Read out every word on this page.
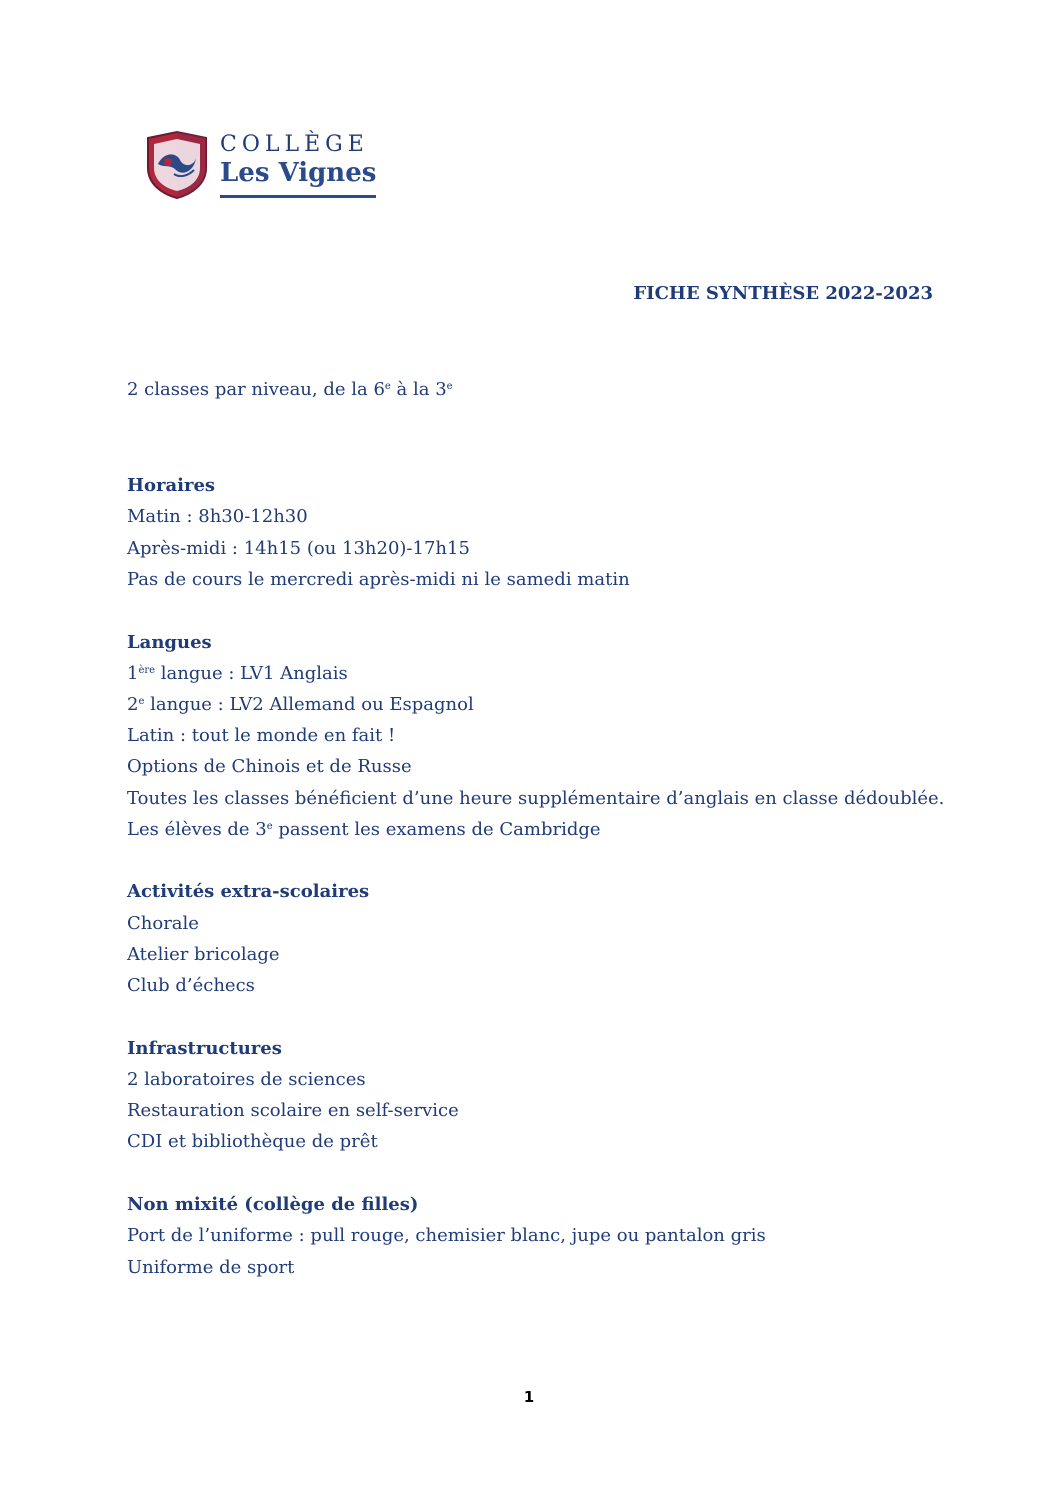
COLLÈGE
Les Vignes
FICHE SYNTHÈSE 2022-2023
2 classes par niveau, de la 6e à la 3e
Horaires
Matin : 8h30-12h30
Après-midi : 14h15 (ou 13h20)-17h15
Pas de cours le mercredi après-midi ni le samedi matin
Langues
1ère langue : LV1 Anglais
2e langue : LV2 Allemand ou Espagnol
Latin : tout le monde en fait !
Options de Chinois et de Russe
Toutes les classes bénéficient d’une heure supplémentaire d’anglais en classe dédoublée.
Les élèves de 3e passent les examens de Cambridge
Activités extra-scolaires
Chorale
Atelier bricolage
Club d’échecs
Infrastructures
2 laboratoires de sciences
Restauration scolaire en self-service
CDI et bibliothèque de prêt
Non mixité (collège de filles)
Port de l’uniforme : pull rouge, chemisier blanc, jupe ou pantalon gris
Uniforme de sport
1
